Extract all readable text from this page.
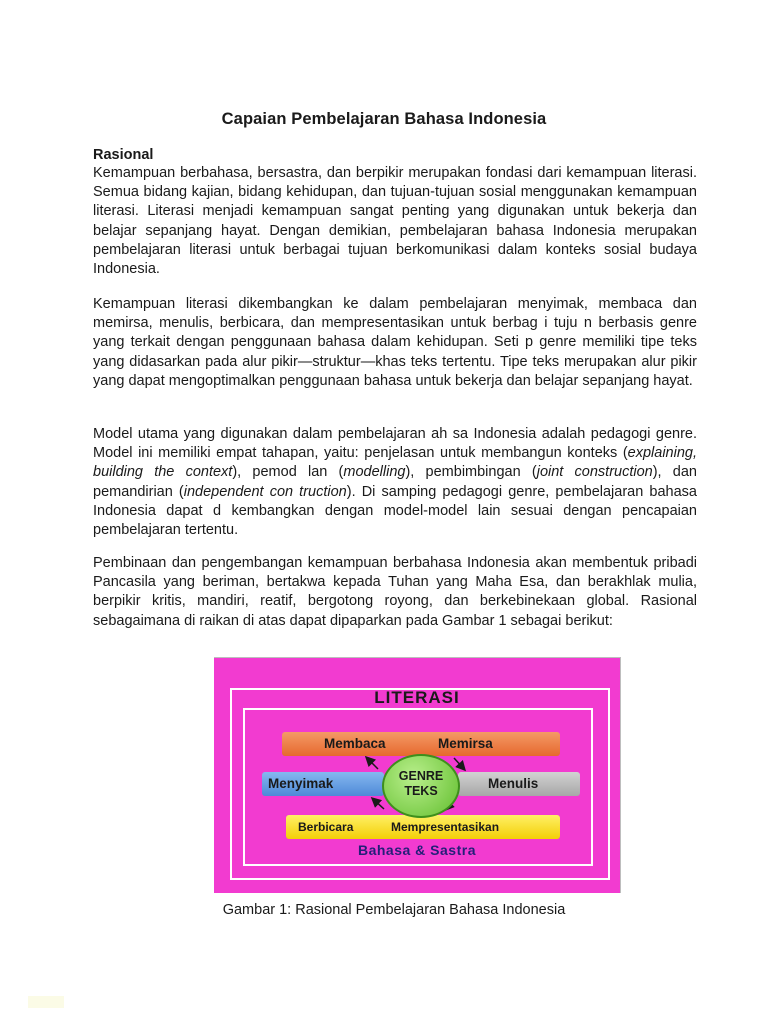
Capaian Pembelajaran Bahasa Indonesia
Rasional

Kemampuan berbahasa, bersastra, dan berpikir merupakan fondasi dari kemampuan literasi. Semua bidang kajian, bidang kehidupan, dan tujuan-tujuan sosial menggunakan kemampuan literasi. Literasi menjadi kemampuan sangat penting yang digunakan untuk bekerja dan belajar sepanjang hayat. Dengan demikian, pembelajaran bahasa Indonesia merupakan pembelajaran literasi untuk berbagai tujuan berkomunikasi dalam konteks sosial budaya Indonesia.

Kemampuan literasi dikembangkan ke dalam pembelajaran menyimak, membaca dan memirsa, menulis, berbicara, dan mempresentasikan untuk berbag i tuju n berbasis genre yang terkait dengan penggunaan bahasa dalam kehidupan. Seti p genre memiliki tipe teks yang didasarkan pada alur pikir—struktur—khas teks tertentu. Tipe teks merupakan alur pikir yang dapat mengoptimalkan penggunaan bahasa untuk bekerja dan belajar sepanjang hayat.

Model utama yang digunakan dalam pembelajaran ah sa Indonesia adalah pedagogi genre. Model ini memiliki empat tahapan, yaitu: penjelasan untuk membangun konteks (explaining, building the context), pemod lan (modelling), pembimbingan (joint construction), dan pemandirian (independent con truction). Di samping pedagogi genre, pembelajaran bahasa Indonesia dapat d kembangkan dengan model-model lain sesuai dengan pencapaian pembelajaran tertentu.

Pembinaan dan pengembangan kemampuan berbahasa Indonesia akan membentuk pribadi Pancasila yang beriman, bertakwa kepada Tuhan yang Maha Esa, dan berakhlak mulia, berpikir kritis, mandiri, reatif, bergotong royong, dan berkebinekaan global. Rasional sebagaimana di raikan di atas dapat dipaparkan pada Gambar 1 sebagai berikut:

LITERASI
Membaca	Memirsa
Menyimak	Menulis
Berbicara	Mempresentasikan
GENRE
TEKS
Bahasa & Sastra
Gambar 1: Rasional Pembelajaran Bahasa Indonesia
